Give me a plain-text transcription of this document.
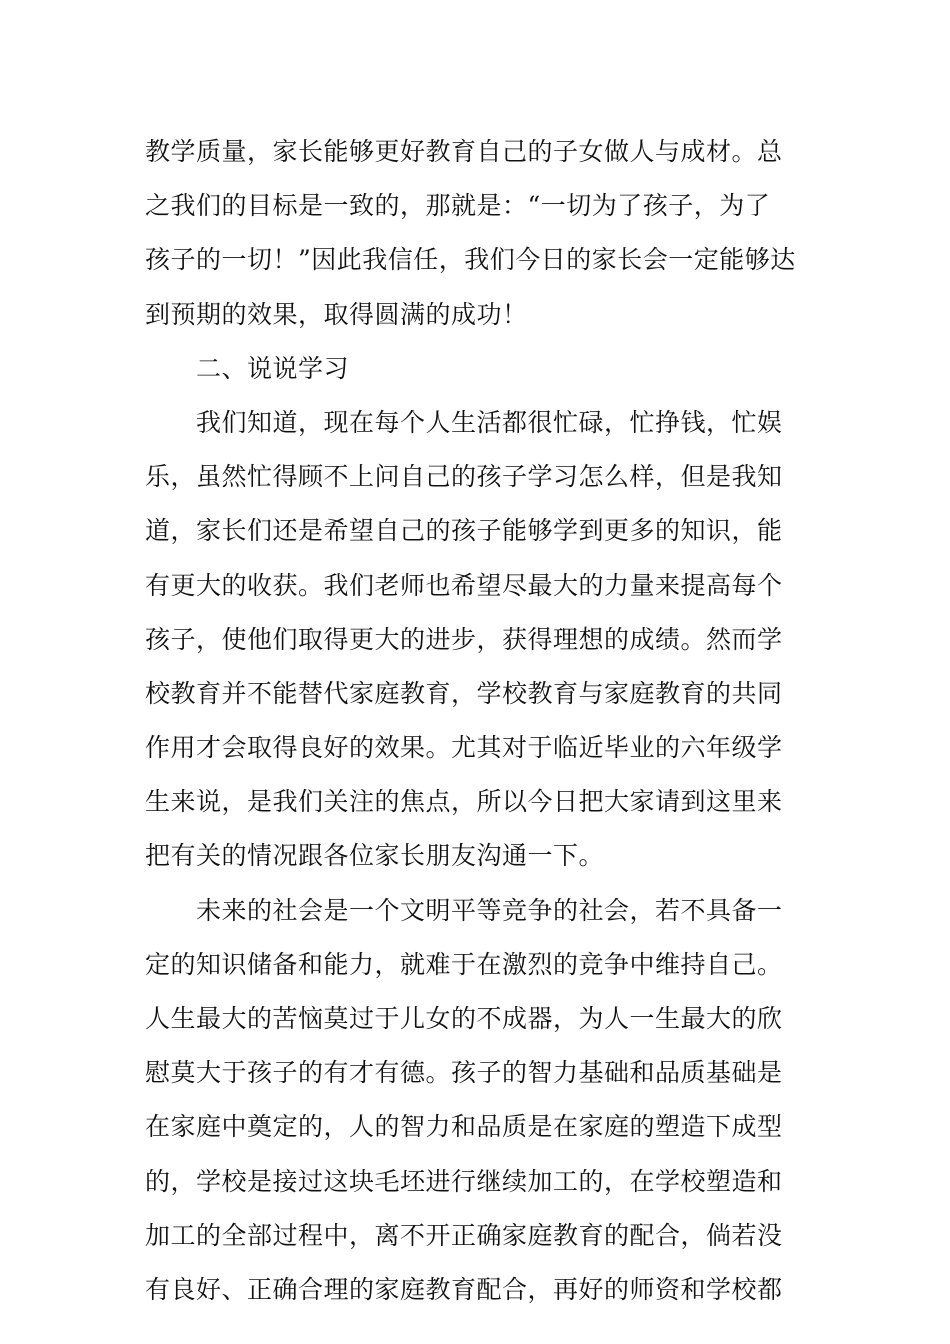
教学质量，家长能够更好教育自己的子女做人与成材。总
之我们的目标是一致的，那就是：“一切为了孩子，为了
孩子的一切！”因此我信任，我们今日的家长会一定能够达
到预期的效果，取得圆满的成功！
二、说说学习
我们知道，现在每个人生活都很忙碌，忙挣钱，忙娱
乐，虽然忙得顾不上问自己的孩子学习怎么样，但是我知
道，家长们还是希望自己的孩子能够学到更多的知识，能
有更大的收获。我们老师也希望尽最大的力量来提高每个
孩子，使他们取得更大的进步，获得理想的成绩。然而学
校教育并不能替代家庭教育，学校教育与家庭教育的共同
作用才会取得良好的效果。尤其对于临近毕业的六年级学
生来说，是我们关注的焦点，所以今日把大家请到这里来
把有关的情况跟各位家长朋友沟通一下。
未来的社会是一个文明平等竞争的社会，若不具备一
定的知识储备和能力，就难于在激烈的竞争中维持自己。
人生最大的苦恼莫过于儿女的不成器，为人一生最大的欣
慰莫大于孩子的有才有德。孩子的智力基础和品质基础是
在家庭中奠定的，人的智力和品质是在家庭的塑造下成型
的，学校是接过这块毛坯进行继续加工的，在学校塑造和
加工的全部过程中，离不开正确家庭教育的配合，倘若没
有良好、正确合理的家庭教育配合，再好的师资和学校都
